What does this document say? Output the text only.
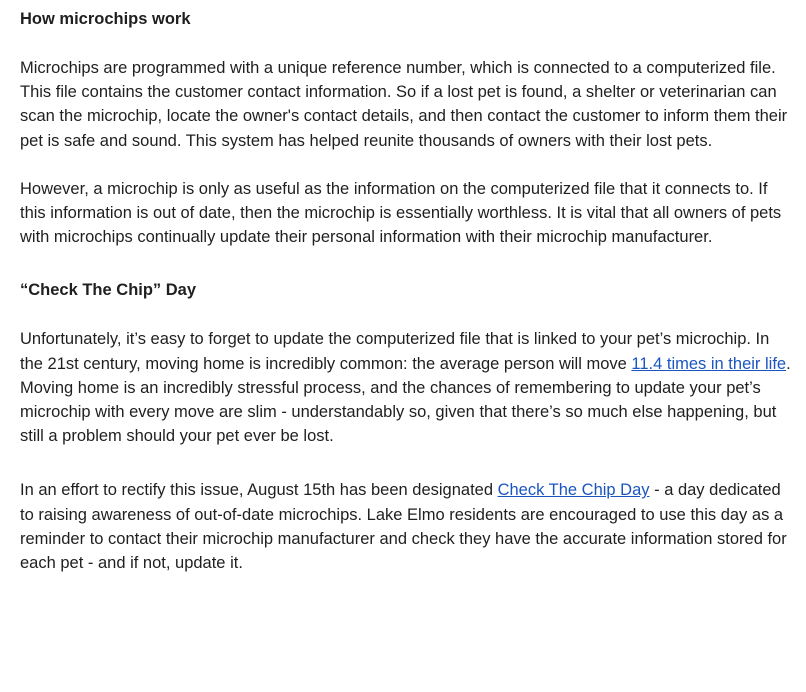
How microchips work

Microchips are programmed with a unique reference number, which is connected to a computerized file. This file contains the customer contact information. So if a lost pet is found, a shelter or veterinarian can scan the microchip, locate the owner's contact details, and then contact the customer to inform them their pet is safe and sound. This system has helped reunite thousands of owners with their lost pets.

However, a microchip is only as useful as the information on the computerized file that it connects to. If this information is out of date, then the microchip is essentially worthless. It is vital that all owners of pets with microchips continually update their personal information with their microchip manufacturer.

“Check The Chip” Day

Unfortunately, it’s easy to forget to update the computerized file that is linked to your pet’s microchip. In the 21st century, moving home is incredibly common: the average person will move 11.4 times in their life. Moving home is an incredibly stressful process, and the chances of remembering to update your pet’s microchip with every move are slim - understandably so, given that there’s so much else happening, but still a problem should your pet ever be lost.

In an effort to rectify this issue, August 15th has been designated Check The Chip Day - a day dedicated to raising awareness of out-of-date microchips. Lake Elmo residents are encouraged to use this day as a reminder to contact their microchip manufacturer and check they have the accurate information stored for each pet - and if not, update it.
